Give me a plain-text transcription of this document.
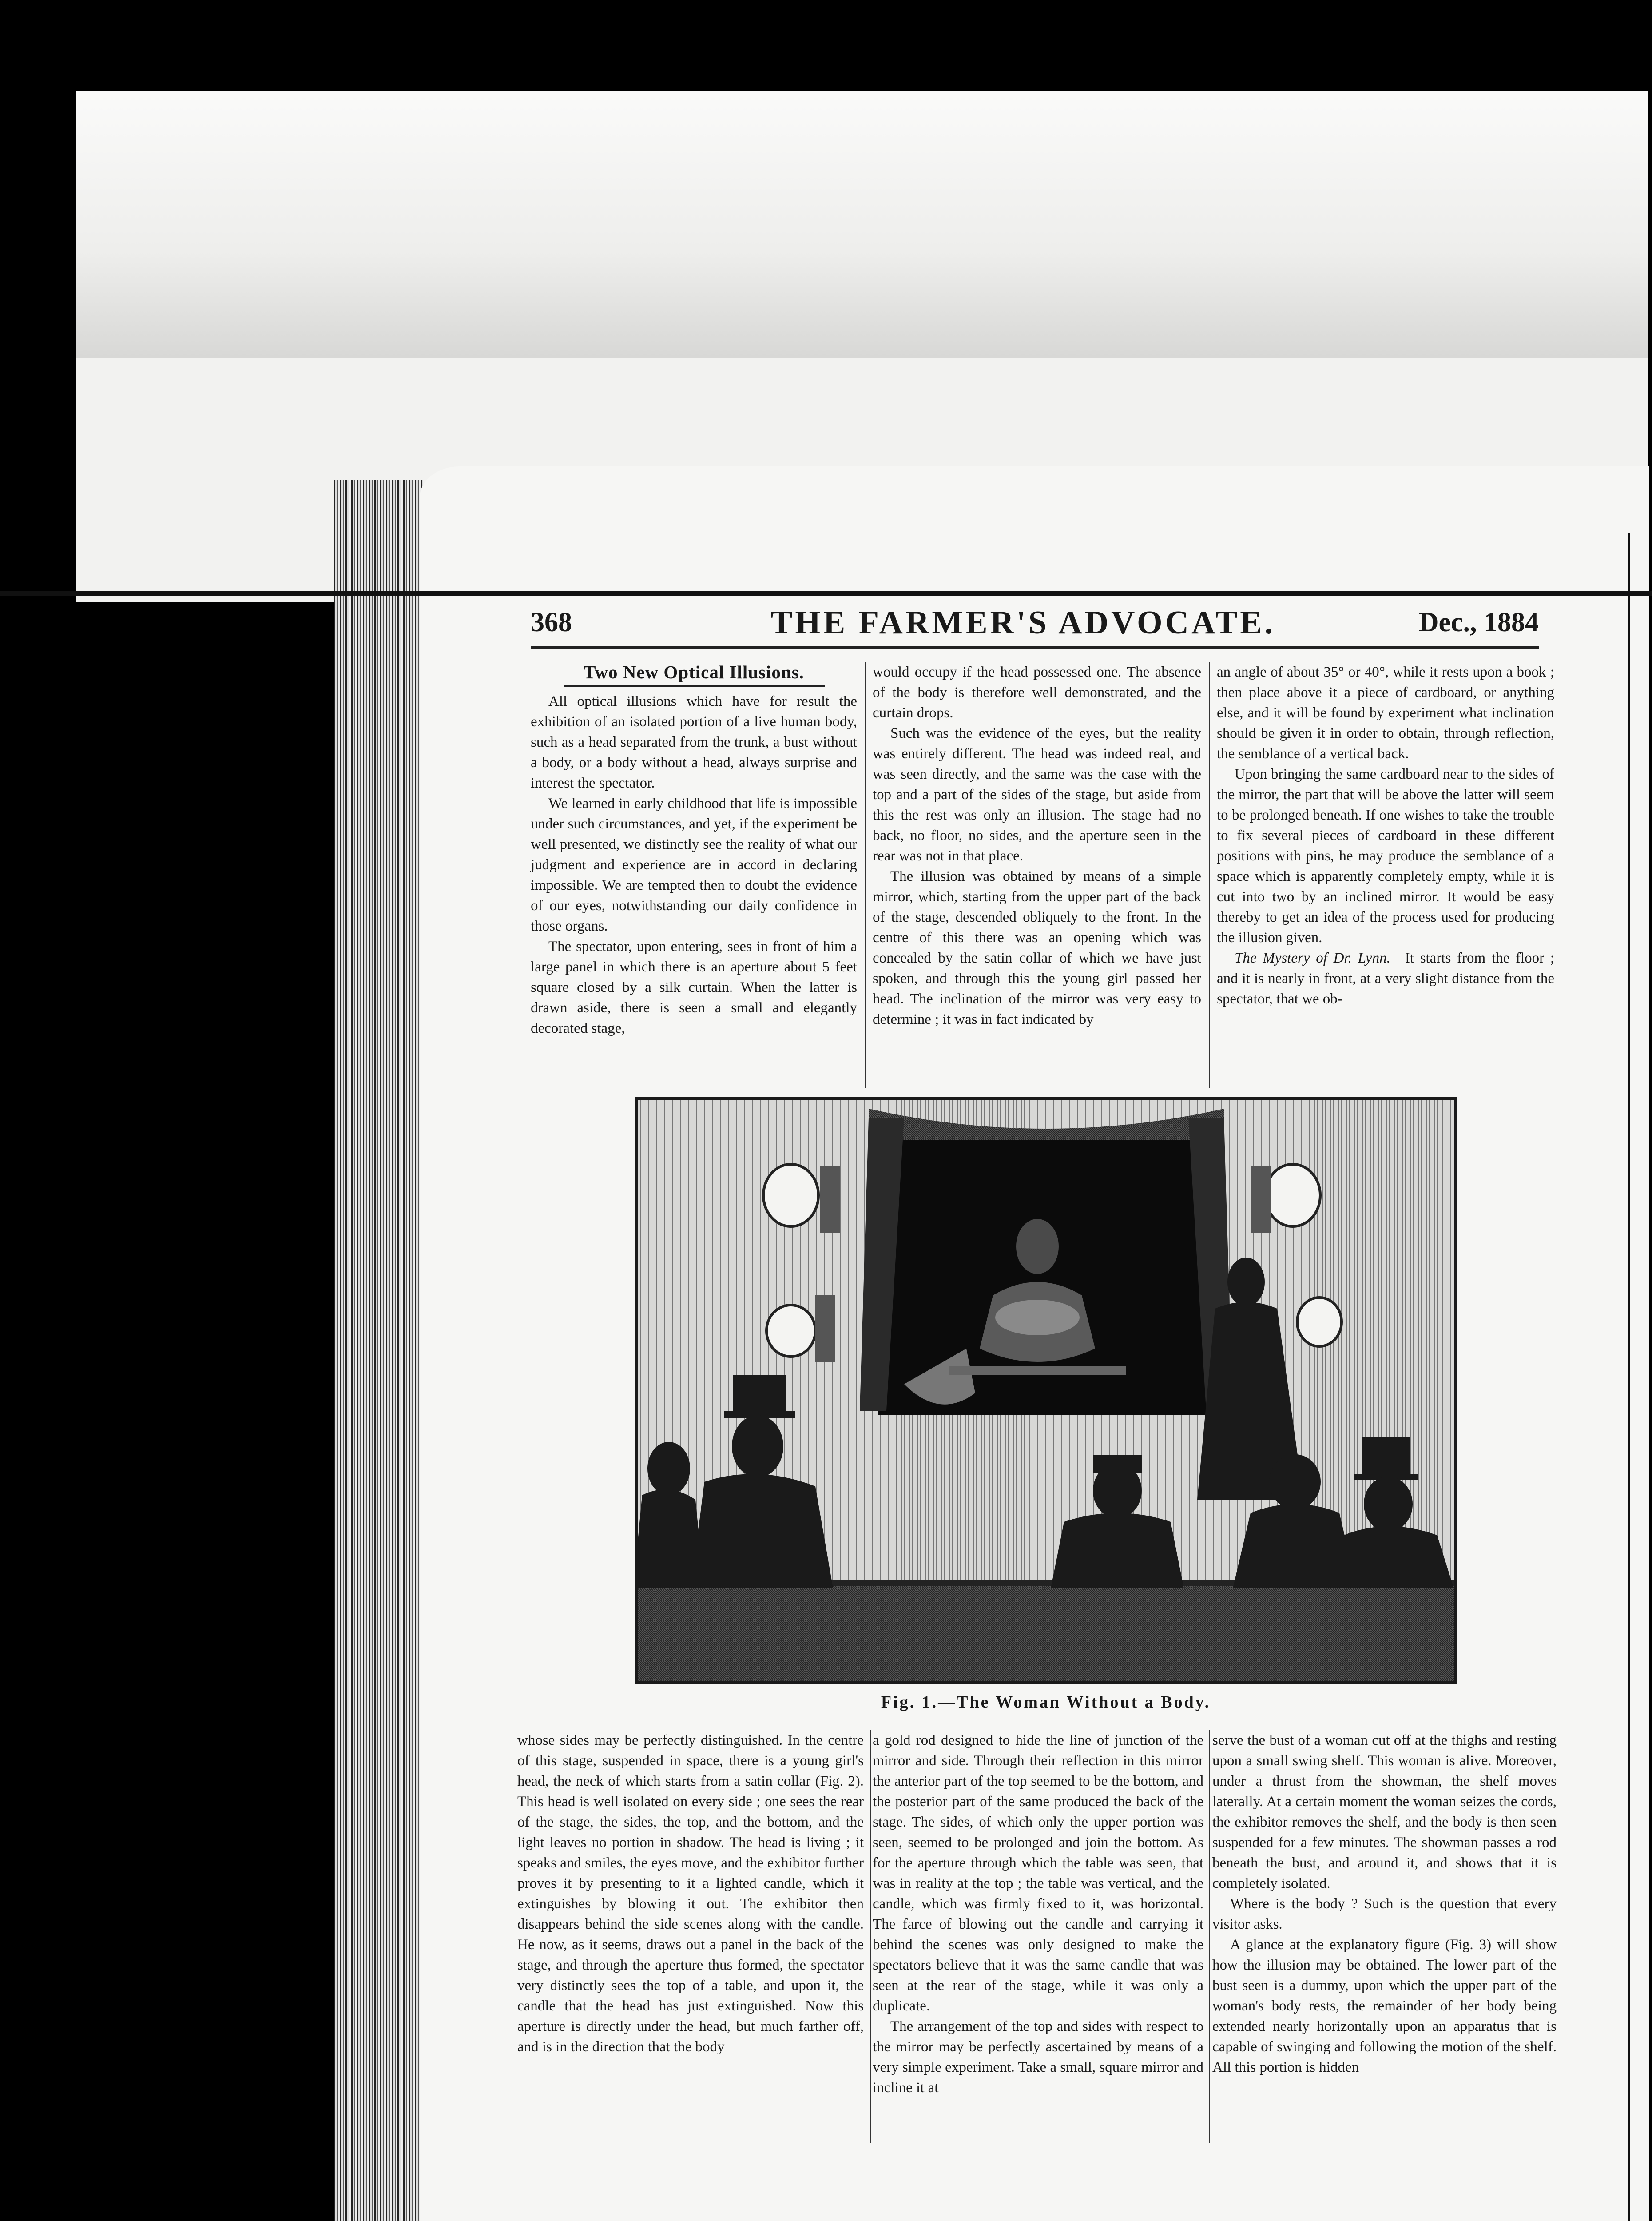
368	THE FARMER'S ADVOCATE.	Dec., 1884
Two New Optical Illusions.

All optical illusions which have for result the exhibition of an isolated portion of a live human body, such as a head separated from the trunk, a bust without a body, or a body without a head, always surprise and interest the spectator.

We learned in early childhood that life is impossible under such circumstances, and yet, if the experiment be well presented, we distinctly see the reality of what our judgment and experience are in accord in declaring impossible. We are tempted then to doubt the evidence of our eyes, notwithstanding our daily confidence in those organs.

The spectator, upon entering, sees in front of him a large panel in which there is an aperture about 5 feet square closed by a silk curtain. When the latter is drawn aside, there is seen a small and elegantly decorated stage,

would occupy if the head possessed one. The absence of the body is therefore well demonstrated, and the curtain drops.

Such was the evidence of the eyes, but the reality was entirely different. The head was indeed real, and was seen directly, and the same was the case with the top and a part of the sides of the stage, but aside from this the rest was only an illusion. The stage had no back, no floor, no sides, and the aperture seen in the rear was not in that place.

The illusion was obtained by means of a simple mirror, which, starting from the upper part of the back of the stage, descended obliquely to the front. In the centre of this there was an opening which was concealed by the satin collar of which we have just spoken, and through this the young girl passed her head. The inclination of the mirror was very easy to determine ; it was in fact indicated by

an angle of about 35° or 40°, while it rests upon a book ; then place above it a piece of cardboard, or anything else, and it will be found by experiment what inclination should be given it in order to obtain, through reflection, the semblance of a vertical back.

Upon bringing the same cardboard near to the sides of the mirror, the part that will be above the latter will seem to be prolonged beneath. If one wishes to take the trouble to fix several pieces of cardboard in these different positions with pins, he may produce the semblance of a space which is apparently completely empty, while it is cut into two by an inclined mirror. It would be easy thereby to get an idea of the process used for producing the illusion given.

The Mystery of Dr. Lynn.—It starts from the floor ; and it is nearly in front, at a very slight distance from the spectator, that we ob-

Fig. 1.—The Woman Without a Body.

whose sides may be perfectly distinguished. In the centre of this stage, suspended in space, there is a young girl's head, the neck of which starts from a satin collar (Fig. 2). This head is well isolated on every side ; one sees the rear of the stage, the sides, the top, and the bottom, and the light leaves no portion in shadow. The head is living ; it speaks and smiles, the eyes move, and the exhibitor further proves it by presenting to it a lighted candle, which it extinguishes by blowing it out. The exhibitor then disappears behind the side scenes along with the candle. He now, as it seems, draws out a panel in the back of the stage, and through the aperture thus formed, the spectator very distinctly sees the top of a table, and upon it, the candle that the head has just extinguished. Now this aperture is directly under the head, but much farther off, and is in the direction that the body

a gold rod designed to hide the line of junction of the mirror and side. Through their reflection in this mirror the anterior part of the top seemed to be the bottom, and the posterior part of the same produced the back of the stage. The sides, of which only the upper portion was seen, seemed to be prolonged and join the bottom. As for the aperture through which the table was seen, that was in reality at the top ; the table was vertical, and the candle, which was firmly fixed to it, was horizontal. The farce of blowing out the candle and carrying it behind the scenes was only designed to make the spectators believe that it was the same candle that was seen at the rear of the stage, while it was only a duplicate.

The arrangement of the top and sides with respect to the mirror may be perfectly ascertained by means of a very simple experiment. Take a small, square mirror and incline it at

serve the bust of a woman cut off at the thighs and resting upon a small swing shelf. This woman is alive. Moreover, under a thrust from the showman, the shelf moves laterally. At a certain moment the woman seizes the cords, the exhibitor removes the shelf, and the body is then seen suspended for a few minutes. The showman passes a rod beneath the bust, and around it, and shows that it is completely isolated.

Where is the body ? Such is the question that every visitor asks.

A glance at the explanatory figure (Fig. 3) will show how the illusion may be obtained. The lower part of the bust seen is a dummy, upon which the upper part of the woman's body rests, the remainder of her body being extended nearly horizontally upon an apparatus that is capable of swinging and following the motion of the shelf. All this portion is hidden
